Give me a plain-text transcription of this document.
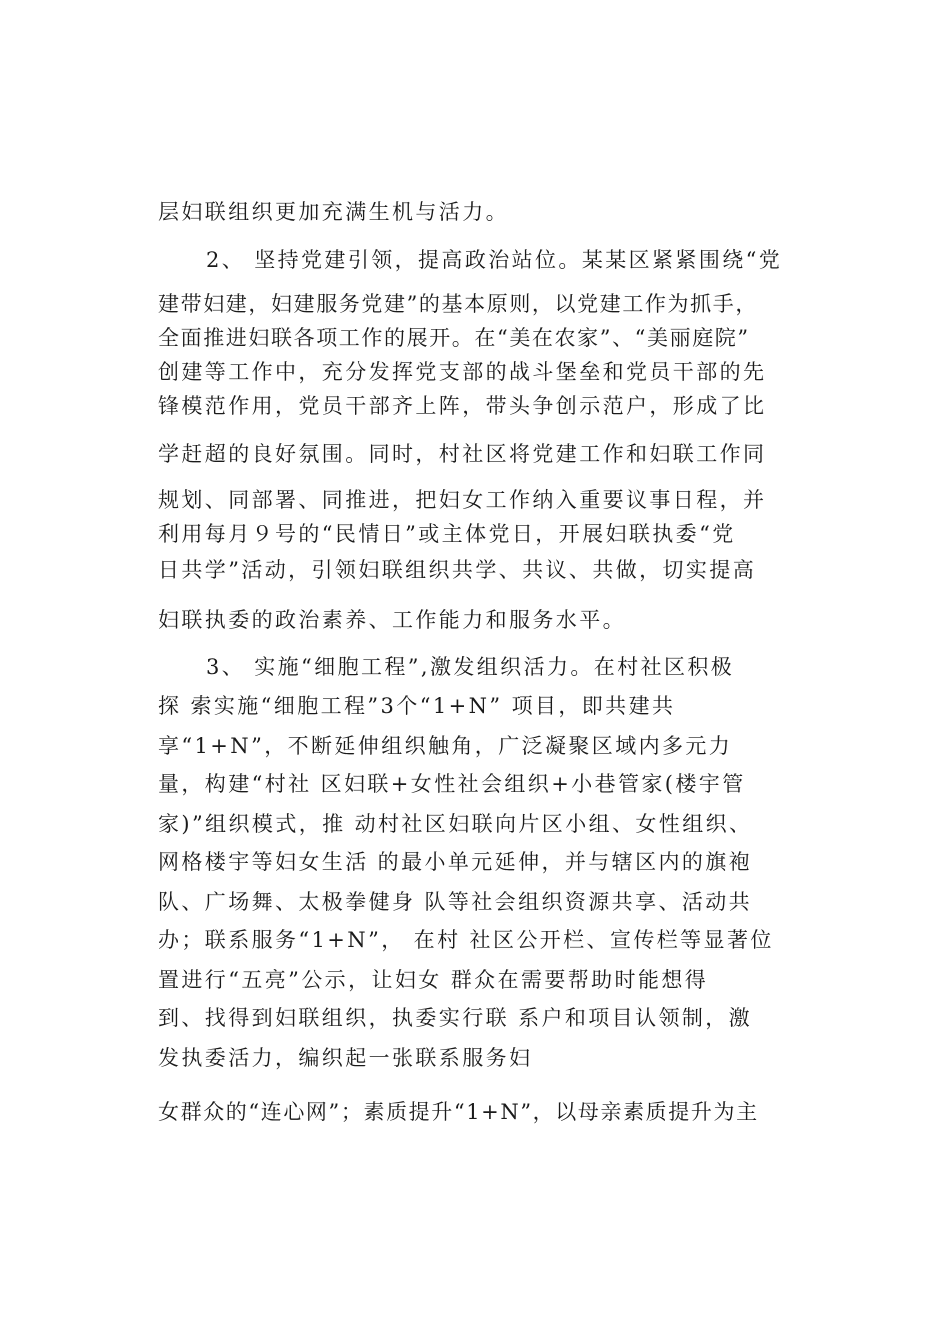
层妇联组织更加充满生机与活力。
2、 坚持党建引领，提高政治站位。某某区紧紧围绕“党
建带妇建，妇建服务党建”的基本原则，以党建工作为抓手，
全面推进妇联各项工作的展开。在“美在农家”、“美丽庭院”
创建等工作中，充分发挥党支部的战斗堡垒和党员干部的先
锋模范作用，党员干部齐上阵，带头争创示范户，形成了比
学赶超的良好氛围。同时，村社区将党建工作和妇联工作同
规划、同部署、同推进，把妇女工作纳入重要议事日程，并
利用每月９号的“民情日”或主体党日，开展妇联执委“党
日共学”活动，引领妇联组织共学、共议、共做，切实提高
妇联执委的政治素养、工作能力和服务水平。
3、 实施“细胞工程”,激发组织活力。在村社区积极
探 索实施“细胞工程”3个“1+N” 项目，即共建共
享“1+N”，不断延伸组织触角，广泛凝聚区域内多元力
量，构建“村社 区妇联+女性社会组织+小巷管家(楼宇管
家)”组织模式，推 动村社区妇联向片区小组、女性组织、
网格楼宇等妇女生活 的最小单元延伸，并与辖区内的旗袍
队、广场舞、太极拳健身 队等社会组织资源共享、活动共
办；联系服务“1+N”， 在村 社区公开栏、宣传栏等显著位
置进行“五亮”公示，让妇女 群众在需要帮助时能想得
到、找得到妇联组织，执委实行联 系户和项目认领制，激
发执委活力，编织起一张联系服务妇
女群众的“连心网”；素质提升“1+N”，以母亲素质提升为主
